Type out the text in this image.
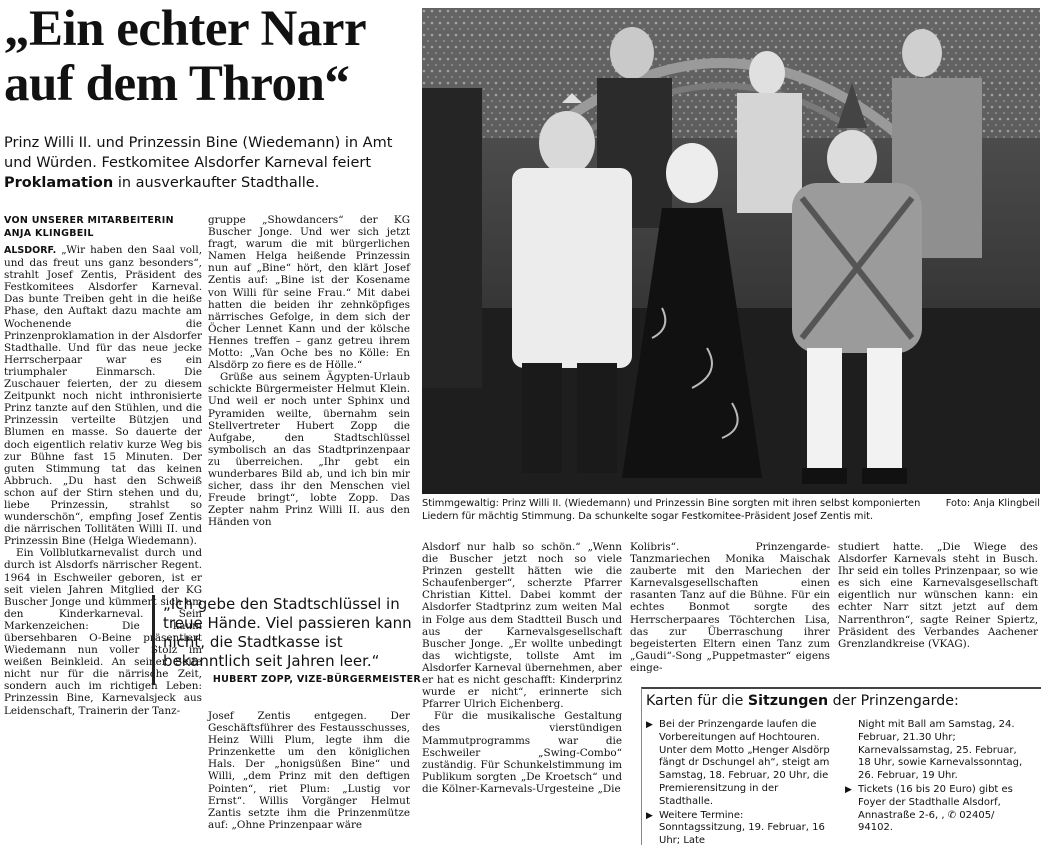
„Ein echter Narr
auf dem Thron“

Prinz Willi II. und Prinzessin Bine (Wiedemann) in Amt und Würden. Festkomitee Alsdorfer Karneval feiert Proklamation in ausverkaufter Stadthalle.

VON UNSERER MITARBEITERIN
ANJA KLINGBEIL

ALSDORF. „Wir haben den Saal voll, und das freut uns ganz besonders“, strahlt Josef Zentis, Präsident des Festkomitees Alsdorfer Karneval. Das bunte Treiben geht in die heiße Phase, den Auftakt dazu machte am Wochenende die Prinzenproklamation in der Alsdorfer Stadthalle. Und für das neue jecke Herrscherpaar war es ein triumphaler Einmarsch. Die Zuschauer feierten, der zu diesem Zeitpunkt noch nicht inthronisierte Prinz tanzte auf den Stühlen, und die Prinzessin verteilte Bützjen und Blumen en masse. So dauerte der doch eigentlich relativ kurze Weg bis zur Bühne fast 15 Minuten. Der guten Stimmung tat das keinen Abbruch. „Du hast den Schweiß schon auf der Stirn stehen und du, liebe Prinzessin, strahlst so wunderschön“, empfing Josef Zentis die närrischen Tollitäten Willi II. und Prinzessin Bine (Helga Wiedemann).

Ein Vollblutkarnevalist durch und durch ist Alsdorfs närrischer Regent. 1964 in Eschweiler geboren, ist er seit vielen Jahren Mitglied der KG Buscher Jonge und kümmert sich um den Kinderkarneval. Sein Markenzeichen: Die kaum übersehbaren O-Beine präsentiert Wiedemann nun voller Stolz im weißen Beinkleid. An seiner Seite nicht nur für die närrische Zeit, sondern auch im richtigen Leben: Prinzessin Bine, Karnevalsjeck aus Leidenschaft, Trainerin der Tanz-

gruppe „Showdancers“ der KG Buscher Jonge. Und wer sich jetzt fragt, warum die mit bürgerlichen Namen Helga heißende Prinzessin nun auf „Bine“ hört, den klärt Josef Zentis auf: „Bine ist der Kosename von Willi für seine Frau.“ Mit dabei hatten die beiden ihr zehnköpfiges närrisches Gefolge, in dem sich der Öcher Lennet Kann und der kölsche Hennes treffen – ganz getreu ihrem Motto: „Van Oche bes no Kölle: En Alsdörp zo fiere es de Hölle.“

Grüße aus seinem Ägypten-Urlaub schickte Bürgermeister Helmut Klein. Und weil er noch unter Sphinx und Pyramiden weilte, übernahm sein Stellvertreter Hubert Zopp die Aufgabe, den Stadtschlüssel symbolisch an das Stadtprinzenpaar zu überreichen. „Ihr gebt ein wunderbares Bild ab, und ich bin mir sicher, dass ihr den Menschen viel Freude bringt“, lobte Zopp. Das Zepter nahm Prinz Willi II. aus den Händen von

„Ich gebe den Stadtschlüssel in treue Hände. Viel passieren kann nicht, die Stadtkasse ist bekanntlich seit Jahren leer.“

HUBERT ZOPP, VIZE-BÜRGERMEISTER

Josef Zentis entgegen. Der Geschäftsführer des Festausschusses, Heinz Willi Plum, legte ihm die Prinzenkette um den königlichen Hals. Der „honigsüßen Bine“ und Willi, „dem Prinz mit den deftigen Pointen“, riet Plum: „Lustig vor Ernst“. Willis Vorgänger Helmut Zantis setzte ihm die Prinzenmütze auf: „Ohne Prinzenpaar wäre

Foto: Anja Klingbeil
Stimmgewaltig: Prinz Willi II. (Wiedemann) und Prinzessin Bine sorgten mit ihren selbst komponierten Liedern für mächtig Stimmung. Da schunkelte sogar Festkomitee-Präsident Josef Zentis mit.

Alsdorf nur halb so schön.“ „Wenn die Buscher jetzt noch so viele Prinzen gestellt hätten wie die Schaufenberger“, scherzte Pfarrer Christian Kittel. Dabei kommt der Alsdorfer Stadtprinz zum weiten Mal in Folge aus dem Stadtteil Busch und aus der Karnevalsgesellschaft Buscher Jonge. „Er wollte unbedingt das wichtigste, tollste Amt im Alsdorfer Karneval übernehmen, aber er hat es nicht geschafft: Kinderprinz wurde er nicht“, erinnerte sich Pfarrer Ulrich Eichenberg.

Für die musikalische Gestaltung des vierstündigen Mammutprogramms war die Eschweiler „Swing-Combo“ zuständig. Für Schunkelstimmung im Publikum sorgten „De Kroetsch“ und die Kölner-Karnevals-Urgesteine „Die

Kolibris“. Prinzengarde-Tanzmariechen Monika Maischak zauberte mit den Mariechen der Karnevalsgesellschaften einen rasanten Tanz auf die Bühne. Für ein echtes Bonmot sorgte des Herrscherpaares Töchterchen Lisa, das zur Überraschung ihrer begeisterten Eltern einen Tanz zum „Gaudi“-Song „Puppetmaster“ eigens einge-

studiert hatte. „Die Wiege des Alsdorfer Karnevals steht in Busch. Ihr seid ein tolles Prinzenpaar, so wie es sich eine Karnevalsgesellschaft eigentlich nur wünschen kann: ein echter Narr sitzt jetzt auf dem Narrenthron“, sagte Reiner Spiertz, Präsident des Verbandes Aachener Grenzlandkreise (VKAG).

Karten für die Sitzungen der Prinzengarde:
▶ Bei der Prinzengarde laufen die Vorbereitungen auf Hochtouren. Unter dem Motto „Henger Alsdörp fängt dr Dschungel ah“, steigt am Samstag, 18. Februar, 20 Uhr, die Premierensitzung in der Stadthalle.
▶ Weitere Termine: Sonntagssitzung, 19. Februar, 16 Uhr; Late
Night mit Ball am Samstag, 24. Februar, 21.30 Uhr; Karnevalssamstag, 25. Februar, 18 Uhr, sowie Karnevalssonntag, 26. Februar, 19 Uhr.
▶ Tickets (16 bis 20 Euro) gibt es Foyer der Stadthalle Alsdorf, Annastraße 2-6, , ✆ 02405/ 94102.
